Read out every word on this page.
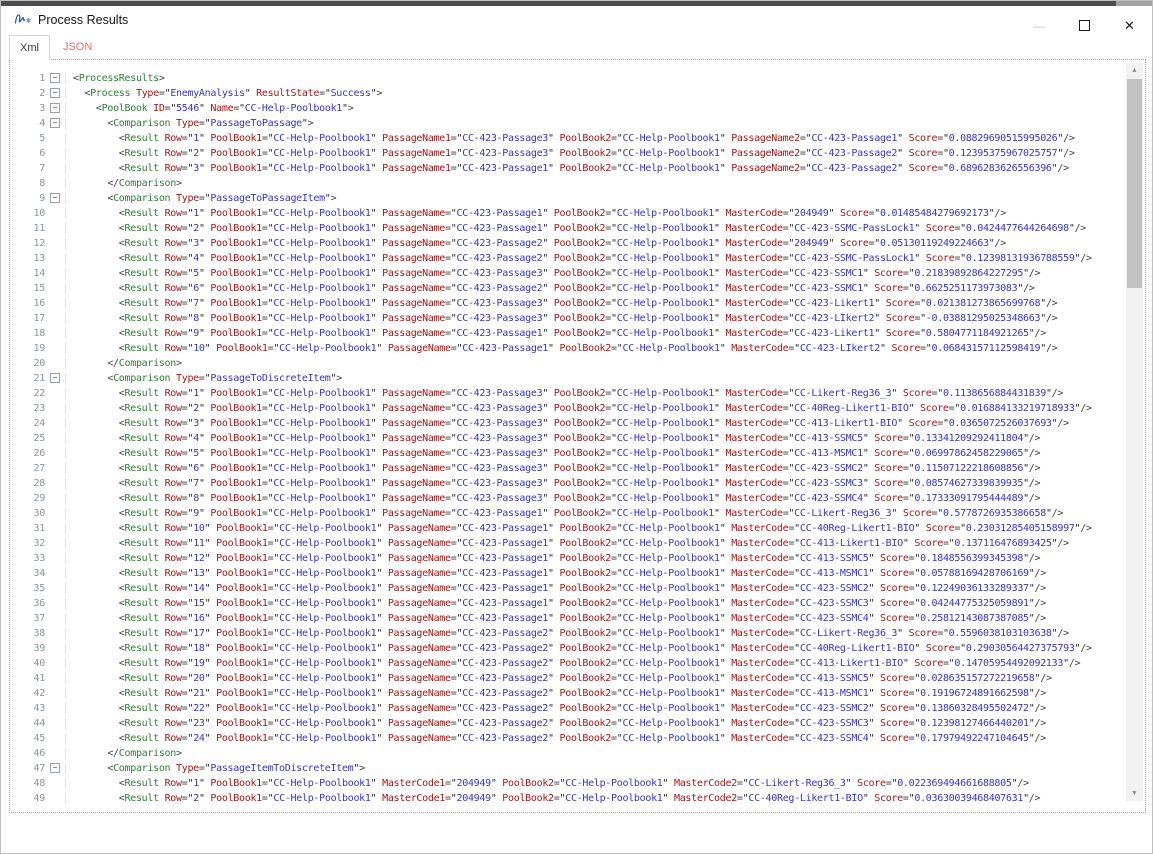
Process Results	—	✕
Xml	JSON
1 − <ProcessResults>
2 −	<Process Type="EnemyAnalysis" ResultState="Success">
3 −	<PoolBook ID="5546" Name="CC-Help-Poolbook1">
4 −	<Comparison Type="PassageToPassage">
5	<Result Row="1" PoolBook1="CC-Help-Poolbook1" PassageName1="CC-423-Passage3" PoolBook2="CC-Help-Poolbook1" PassageName2="CC-423-Passage1" Score="0.08829690515995026"/>
6	<Result Row="2" PoolBook1="CC-Help-Poolbook1" PassageName1="CC-423-Passage3" PoolBook2="CC-Help-Poolbook1" PassageName2="CC-423-Passage2" Score="0.12395375967025757"/>
7	<Result Row="3" PoolBook1="CC-Help-Poolbook1" PassageName1="CC-423-Passage1" PoolBook2="CC-Help-Poolbook1" PassageName2="CC-423-Passage2" Score="0.6896283626556396"/>
8	</Comparison>
9 −	<Comparison Type="PassageToPassageItem">
10	<Result Row="1" PoolBook1="CC-Help-Poolbook1" PassageName="CC-423-Passage1" PoolBook2="CC-Help-Poolbook1" MasterCode="204949" Score="0.01485484279692173"/>
11	<Result Row="2" PoolBook1="CC-Help-Poolbook1" PassageName="CC-423-Passage1" PoolBook2="CC-Help-Poolbook1" MasterCode="CC-423-SSMC-PassLock1" Score="0.0424477644264698"/>
12	<Result Row="3" PoolBook1="CC-Help-Poolbook1" PassageName="CC-423-Passage2" PoolBook2="CC-Help-Poolbook1" MasterCode="204949" Score="0.05130119249224663"/>
13	<Result Row="4" PoolBook1="CC-Help-Poolbook1" PassageName="CC-423-Passage2" PoolBook2="CC-Help-Poolbook1" MasterCode="CC-423-SSMC-PassLock1" Score="0.12398131936788559"/>
14	<Result Row="5" PoolBook1="CC-Help-Poolbook1" PassageName="CC-423-Passage3" PoolBook2="CC-Help-Poolbook1" MasterCode="CC-423-SSMC1" Score="0.21839892864227295"/>
15	<Result Row="6" PoolBook1="CC-Help-Poolbook1" PassageName="CC-423-Passage2" PoolBook2="CC-Help-Poolbook1" MasterCode="CC-423-SSMC1" Score="0.6625251173973083"/>
16	<Result Row="7" PoolBook1="CC-Help-Poolbook1" PassageName="CC-423-Passage3" PoolBook2="CC-Help-Poolbook1" MasterCode="CC-423-Likert1" Score="0.021381273865699768"/>
17	<Result Row="8" PoolBook1="CC-Help-Poolbook1" PassageName="CC-423-Passage3" PoolBook2="CC-Help-Poolbook1" MasterCode="CC-423-LIkert2" Score="-0.03881295025348663"/>
18	<Result Row="9" PoolBook1="CC-Help-Poolbook1" PassageName="CC-423-Passage1" PoolBook2="CC-Help-Poolbook1" MasterCode="CC-423-Likert1" Score="0.5804771184921265"/>
19	<Result Row="10" PoolBook1="CC-Help-Poolbook1" PassageName="CC-423-Passage1" PoolBook2="CC-Help-Poolbook1" MasterCode="CC-423-LIkert2" Score="0.06843157112598419"/>
20	</Comparison>
21 −	<Comparison Type="PassageToDiscreteItem">
22	<Result Row="1" PoolBook1="CC-Help-Poolbook1" PassageName="CC-423-Passage3" PoolBook2="CC-Help-Poolbook1" MasterCode="CC-Likert-Reg36_3" Score="0.1138656884431839"/>
23	<Result Row="2" PoolBook1="CC-Help-Poolbook1" PassageName="CC-423-Passage3" PoolBook2="CC-Help-Poolbook1" MasterCode="CC-40Reg-Likert1-BIO" Score="0.016884133219718933"/>
24	<Result Row="3" PoolBook1="CC-Help-Poolbook1" PassageName="CC-423-Passage3" PoolBook2="CC-Help-Poolbook1" MasterCode="CC-413-Likert1-BIO" Score="0.0365072526037693"/>
25	<Result Row="4" PoolBook1="CC-Help-Poolbook1" PassageName="CC-423-Passage3" PoolBook2="CC-Help-Poolbook1" MasterCode="CC-413-SSMC5" Score="0.13341209292411804"/>
26	<Result Row="5" PoolBook1="CC-Help-Poolbook1" PassageName="CC-423-Passage3" PoolBook2="CC-Help-Poolbook1" MasterCode="CC-413-MSMC1" Score="0.06997862458229065"/>
27	<Result Row="6" PoolBook1="CC-Help-Poolbook1" PassageName="CC-423-Passage3" PoolBook2="CC-Help-Poolbook1" MasterCode="CC-423-SSMC2" Score="0.11507122218608856"/>
28	<Result Row="7" PoolBook1="CC-Help-Poolbook1" PassageName="CC-423-Passage3" PoolBook2="CC-Help-Poolbook1" MasterCode="CC-423-SSMC3" Score="0.08574627339839935"/>
29	<Result Row="8" PoolBook1="CC-Help-Poolbook1" PassageName="CC-423-Passage3" PoolBook2="CC-Help-Poolbook1" MasterCode="CC-423-SSMC4" Score="0.17333091795444489"/>
30	<Result Row="9" PoolBook1="CC-Help-Poolbook1" PassageName="CC-423-Passage1" PoolBook2="CC-Help-Poolbook1" MasterCode="CC-Likert-Reg36_3" Score="0.5778726935386658"/>
31	<Result Row="10" PoolBook1="CC-Help-Poolbook1" PassageName="CC-423-Passage1" PoolBook2="CC-Help-Poolbook1" MasterCode="CC-40Reg-Likert1-BIO" Score="0.23031285405158997"/>
32	<Result Row="11" PoolBook1="CC-Help-Poolbook1" PassageName="CC-423-Passage1" PoolBook2="CC-Help-Poolbook1" MasterCode="CC-413-Likert1-BIO" Score="0.137116476893425"/>
33	<Result Row="12" PoolBook1="CC-Help-Poolbook1" PassageName="CC-423-Passage1" PoolBook2="CC-Help-Poolbook1" MasterCode="CC-413-SSMC5" Score="0.1848556399345398"/>
34	<Result Row="13" PoolBook1="CC-Help-Poolbook1" PassageName="CC-423-Passage1" PoolBook2="CC-Help-Poolbook1" MasterCode="CC-413-MSMC1" Score="0.05788169428706169"/>
35	<Result Row="14" PoolBook1="CC-Help-Poolbook1" PassageName="CC-423-Passage1" PoolBook2="CC-Help-Poolbook1" MasterCode="CC-423-SSMC2" Score="0.12249036133289337"/>
36	<Result Row="15" PoolBook1="CC-Help-Poolbook1" PassageName="CC-423-Passage1" PoolBook2="CC-Help-Poolbook1" MasterCode="CC-423-SSMC3" Score="0.04244775325059891"/>
37	<Result Row="16" PoolBook1="CC-Help-Poolbook1" PassageName="CC-423-Passage1" PoolBook2="CC-Help-Poolbook1" MasterCode="CC-423-SSMC4" Score="0.25812143087387085"/>
38	<Result Row="17" PoolBook1="CC-Help-Poolbook1" PassageName="CC-423-Passage2" PoolBook2="CC-Help-Poolbook1" MasterCode="CC-Likert-Reg36_3" Score="0.5596038103103638"/>
39	<Result Row="18" PoolBook1="CC-Help-Poolbook1" PassageName="CC-423-Passage2" PoolBook2="CC-Help-Poolbook1" MasterCode="CC-40Reg-Likert1-BIO" Score="0.29030564427375793"/>
40	<Result Row="19" PoolBook1="CC-Help-Poolbook1" PassageName="CC-423-Passage2" PoolBook2="CC-Help-Poolbook1" MasterCode="CC-413-Likert1-BIO" Score="0.14705954492092133"/>
41	<Result Row="20" PoolBook1="CC-Help-Poolbook1" PassageName="CC-423-Passage2" PoolBook2="CC-Help-Poolbook1" MasterCode="CC-413-SSMC5" Score="0.028635157272219658"/>
42	<Result Row="21" PoolBook1="CC-Help-Poolbook1" PassageName="CC-423-Passage2" PoolBook2="CC-Help-Poolbook1" MasterCode="CC-413-MSMC1" Score="0.19196724891662598"/>
43	<Result Row="22" PoolBook1="CC-Help-Poolbook1" PassageName="CC-423-Passage2" PoolBook2="CC-Help-Poolbook1" MasterCode="CC-423-SSMC2" Score="0.13860328495502472"/>
44	<Result Row="23" PoolBook1="CC-Help-Poolbook1" PassageName="CC-423-Passage2" PoolBook2="CC-Help-Poolbook1" MasterCode="CC-423-SSMC3" Score="0.12398127466440201"/>
45	<Result Row="24" PoolBook1="CC-Help-Poolbook1" PassageName="CC-423-Passage2" PoolBook2="CC-Help-Poolbook1" MasterCode="CC-423-SSMC4" Score="0.17979492247104645"/>
46	</Comparison>
47 −	<Comparison Type="PassageItemToDiscreteItem">
48	<Result Row="1" PoolBook1="CC-Help-Poolbook1" MasterCode1="204949" PoolBook2="CC-Help-Poolbook1" MasterCode2="CC-Likert-Reg36_3" Score="0.022369494661688805"/>
49	<Result Row="2" PoolBook1="CC-Help-Poolbook1" MasterCode1="204949" PoolBook2="CC-Help-Poolbook1" MasterCode2="CC-40Reg-Likert1-BIO" Score="0.03630039468407631"/>
▲
▼
